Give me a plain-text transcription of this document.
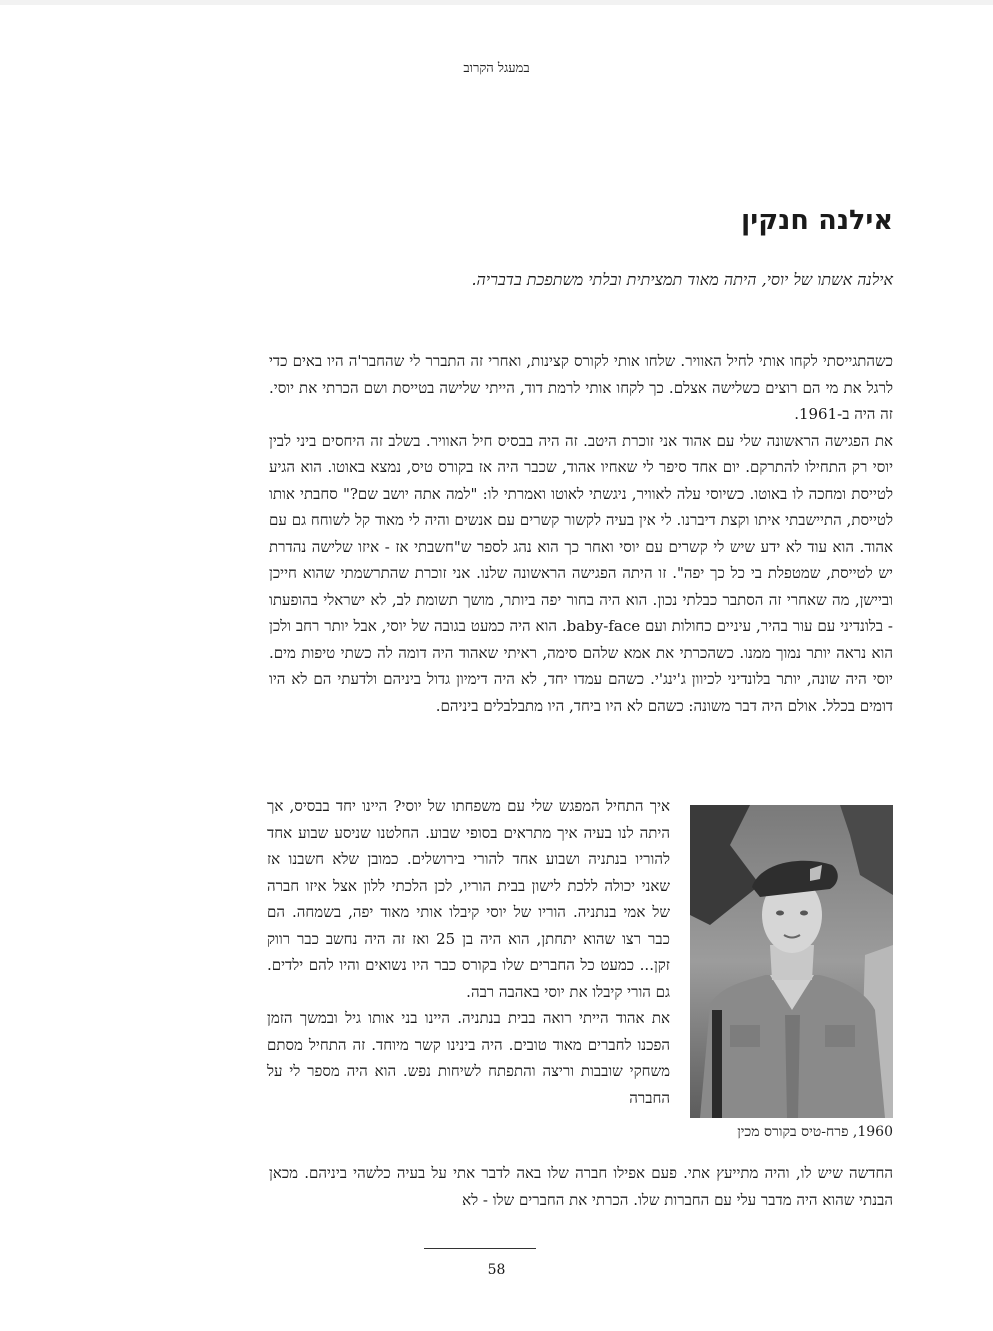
במעגל הקרוב
אילנה חנקין

אילנה אשתו של יוסי, היתה מאוד תמציתית ובלתי משתפכת בדבריה.

כשהתגייסתי לקחו אותי לחיל האוויר. שלחו אותי לקורס קצינות, ואחרי זה התברר לי שהחבר'ה היו באים כדי לרגל את מי הם רוצים כשלישה אצלם. כך לקחו אותי לרמת דוד, הייתי שלישה בטייסת ושם הכרתי את יוסי. זה היה ב-1961.

את הפגישה הראשונה שלי עם אהוד אני זוכרת היטב. זה היה בבסיס חיל האוויר. בשלב זה היחסים ביני לבין יוסי רק התחילו להתרקם. יום אחד סיפר לי שאחיו אהוד, שכבר היה אז בקורס טיס, נמצא באוטו. הוא הגיע לטייסת ומחכה לו באוטו. כשיוסי עלה לאוויר, ניגשתי לאוטו ואמרתי לו: "למה אתה יושב שם?" סחבתי אותו לטייסת, התיישבתי איתו וקצת דיברנו. לי אין בעיה לקשור קשרים עם אנשים והיה לי מאוד קל לשוחח גם עם אהוד. הוא עוד לא ידע שיש לי קשרים עם יוסי ואחר כך הוא נהג לספר ש"חשבתי אז - איזו שלישה נהדרת יש לטייסת, שמטפלת בי כל כך יפה". זו היתה הפגישה הראשונה שלנו. אני זוכרת שהתרשמתי שהוא חייכן וביישן, מה שאחרי זה הסתבר כבלתי נכון. הוא היה בחור יפה ביותר, מושך תשומת לב, לא ישראלי בהופעתו - בלונדיני עם עור בהיר, עיניים כחולות ועם baby-face. הוא היה כמעט בגובה של יוסי, אבל יותר רחב ולכן הוא נראה יותר נמוך ממנו. כשהכרתי את אמא שלהם סימה, ראיתי שאהוד היה דומה לה כשתי טיפות מים. יוסי היה שונה, יותר בלונדיני לכיוון ג'ינג'י. כשהם עמדו יחד, לא היה דימיון גדול ביניהם ולדעתי הם לא היו דומים בכלל. אולם היה דבר משונה: כשהם לא היו ביחד, היו מתבלבלים ביניהם.

1960, פרח-טיס בקורס מכין

איך התחיל המפגש שלי עם משפחתו של יוסי? היינו יחד בבסיס, אך היתה לנו בעיה איך מתראים בסופי שבוע. החלטנו שניסע שבוע אחד להוריו בנתניה ושבוע אחד להורי בירושלים. כמובן שלא חשבנו אז שאני יכולה ללכת לישון בבית הוריו, לכן הלכתי ללון אצל איזו חברה של אמי בנתניה. הוריו של יוסי קיבלו אותי מאוד יפה, בשמחה. הם כבר רצו שהוא יתחתן, הוא היה בן 25 ואז זה היה נחשב כבר רווק זקן... כמעט כל החברים שלו בקורס כבר היו נשואים והיו להם ילדים. גם הורי קיבלו את יוסי באהבה רבה.

את אהוד הייתי רואה בבית בנתניה. היינו בני אותו גיל ובמשך הזמן הפכנו לחברים מאוד טובים. היה בינינו קשר מיוחד. זה התחיל מסתם משחקי שובבות וריצה והתפתח לשיחות נפש. הוא היה מספר לי על החברה

החדשה שיש לו, והיה מתייעץ אתי. פעם אפילו חברה שלו באה לדבר אתי על בעיה כלשהי ביניהם. מכאן הבנתי שהוא היה מדבר עלי עם החברות שלו. הכרתי את החברים שלו - לא

58
